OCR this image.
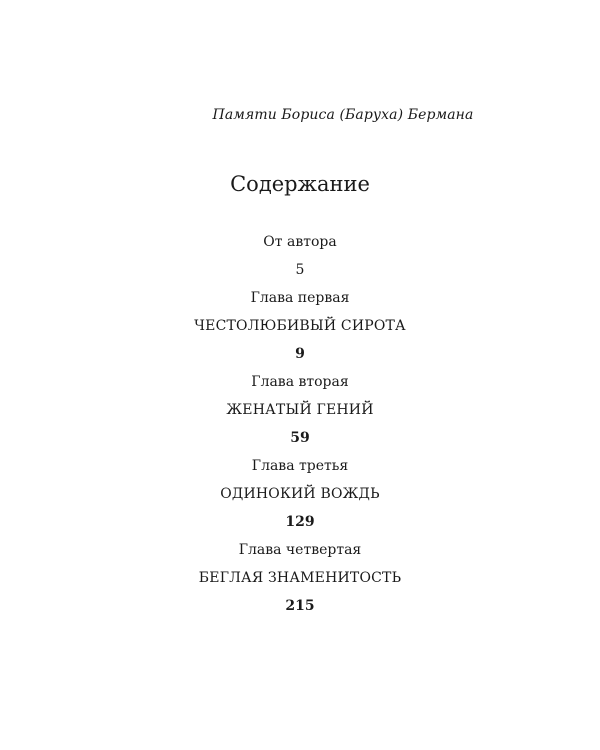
Памяти Бориса (Баруха) Бермана
Содержание
От автора
5
Глава первая
ЧЕСТОЛЮБИВЫЙ СИРОТА
9
Глава вторая
ЖЕНАТЫЙ ГЕНИЙ
59
Глава третья
ОДИНОКИЙ ВОЖДЬ
129
Глава четвертая
БЕГЛАЯ ЗНАМЕНИТОСТЬ
215
